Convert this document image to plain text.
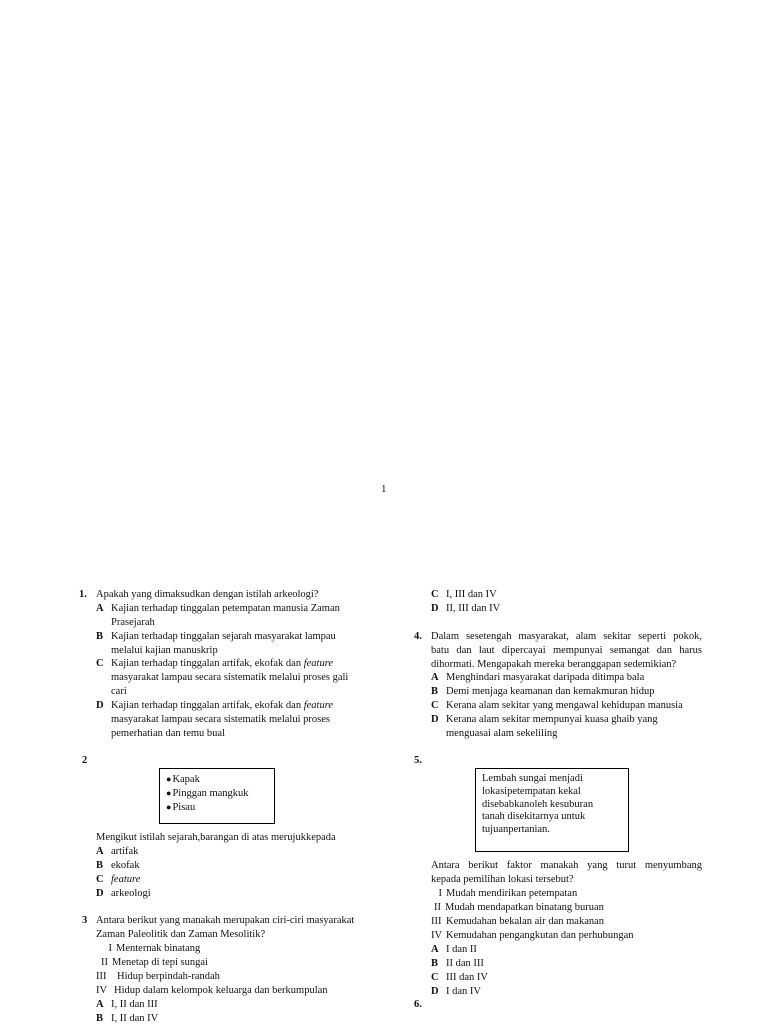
1
1. Apakah yang dimaksudkan dengan istilah arkeologi?
A Kajian terhadap tinggalan petempatan manusia Zaman
Prasejarah
B Kajian terhadap tinggalan sejarah masyarakat lampau
melalui kajian manuskrip
C Kajian terhadap tinggalan artifak, ekofak dan feature
masyarakat lampau secara sistematik melalui proses gali
cari
D Kajian terhadap tinggalan artifak, ekofak dan feature
masyarakat lampau secara sistematik melalui proses
pemerhatian dan temu bual
2
●Kapak
●Pinggan mangkuk
●Pisau
Mengikut istilah sejarah,barangan di atas merujukkepada
A artifak
B ekofak
C feature
D arkeologi
3 Antara berikut yang manakah merupakan ciri-ciri masyarakat
Zaman Paleolitik dan Zaman Mesolitik?
I Menternak binatang
II Menetap di tepi sungai
III Hidup berpindah-randah
IV Hidup dalam kelompok keluarga dan berkumpulan
A I, II dan III
B I, II dan IV
C I, III dan IV
D II, III dan IV
4. Dalam sesetengah masyarakat, alam sekitar seperti pokok,
batu dan laut dipercayai mempunyai semangat dan harus
dihormati. Mengapakah mereka beranggapan sedemikian?
A Menghindari masyarakat daripada ditimpa bala
B Demi menjaga keamanan dan kemakmuran hidup
C Kerana alam sekitar yang mengawal kehidupan manusia
D Kerana alam sekitar mempunyai kuasa ghaib yang
menguasai alam sekeliling
5.
Lembah sungai menjadi
lokasipetempatan kekal
disebabkanoleh kesuburan
tanah disekitarnya untuk
tujuanpertanian.
Antara berikut faktor manakah yang turut menyumbang
kepada pemilihan lokasi tersebut?
I Mudah mendirikan petempatan
II Mudah mendapatkan binatang buruan
III Kemudahan bekalan air dan makanan
IV Kemudahan pengangkutan dan perhubungan
A I dan II
B II dan III
C III dan IV
D I dan IV
6.
